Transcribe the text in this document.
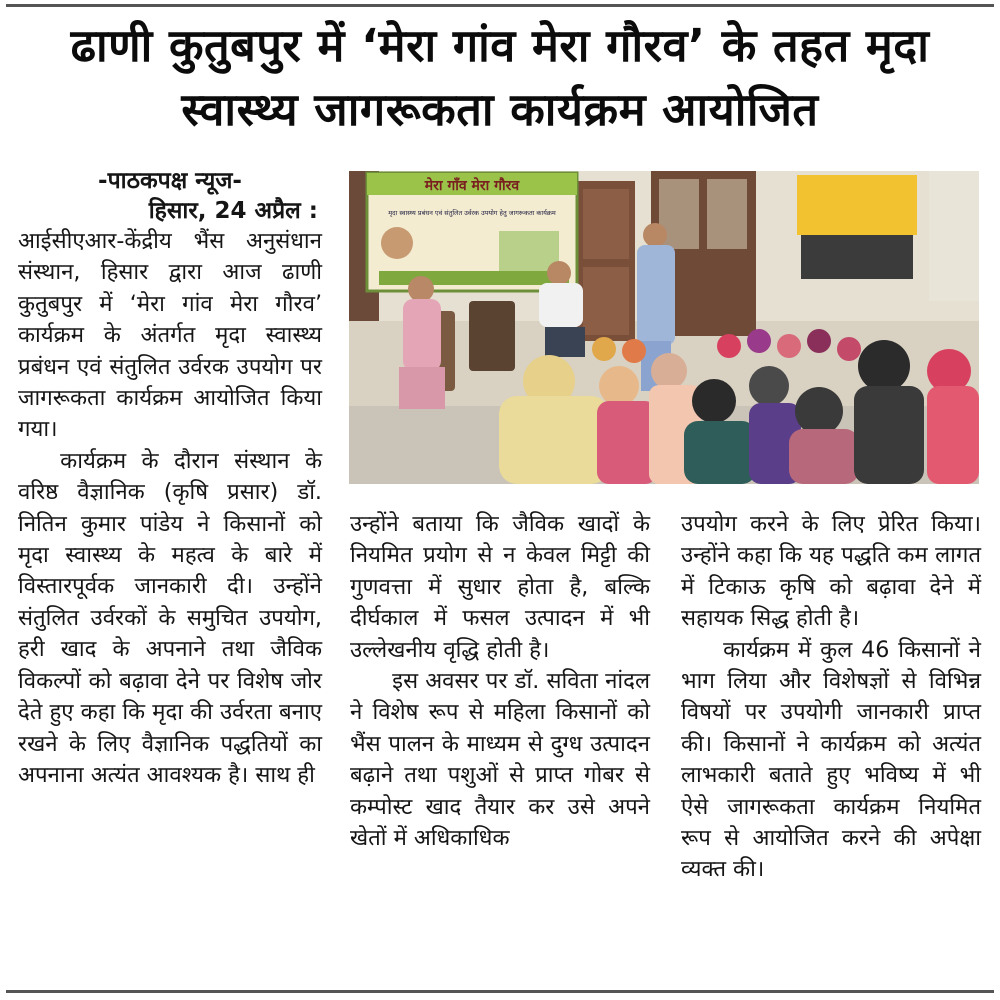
ढाणी कुतुबपुर में ‘मेरा गांव मेरा गौरव’ के तहत मृदा स्वास्थ्य जागरूकता कार्यक्रम आयोजित
-पाठकपक्ष न्यूज-
हिसार, 24 अप्रैल :

आईसीएआर-केंद्रीय भैंस अनुसंधान संस्थान, हिसार द्वारा आज ढाणी कुतुबपुर में ‘मेरा गांव मेरा गौरव’ कार्यक्रम के अंतर्गत मृदा स्वास्थ्य प्रबंधन एवं संतुलित उर्वरक उपयोग पर जागरूकता कार्यक्रम आयोजित किया गया।

कार्यक्रम के दौरान संस्थान के वरिष्ठ वैज्ञानिक (कृषि प्रसार) डॉ. नितिन कुमार पांडेय ने किसानों को मृदा स्वास्थ्य के महत्व के बारे में विस्तारपूर्वक जानकारी दी। उन्होंने संतुलित उर्वरकों के समुचित उपयोग, हरी खाद के अपनाने तथा जैविक विकल्पों को बढ़ावा देने पर विशेष जोर देते हुए कहा कि मृदा की उर्वरता बनाए रखने के लिए वैज्ञानिक पद्धतियों का अपनाना अत्यंत आवश्यक है। साथ ही

मेरा गाँव मेरा गौरव
मृदा स्वास्थ्य प्रबंधन एवं संतुलित उर्वरक उपयोग हेतु जागरूकता कार्यक्रम

उन्होंने बताया कि जैविक खादों के नियमित प्रयोग से न केवल मिट्टी की गुणवत्ता में सुधार होता है, बल्कि दीर्घकाल में फसल उत्पादन में भी उल्लेखनीय वृद्धि होती है।

इस अवसर पर डॉ. सविता नांदल ने विशेष रूप से महिला किसानों को भैंस पालन के माध्यम से दुग्ध उत्पादन बढ़ाने तथा पशुओं से प्राप्त गोबर से कम्पोस्ट खाद तैयार कर उसे अपने खेतों में अधिकाधिक

उपयोग करने के लिए प्रेरित किया। उन्होंने कहा कि यह पद्धति कम लागत में टिकाऊ कृषि को बढ़ावा देने में सहायक सिद्ध होती है।

कार्यक्रम में कुल 46 किसानों ने भाग लिया और विशेषज्ञों से विभिन्न विषयों पर उपयोगी जानकारी प्राप्त की। किसानों ने कार्यक्रम को अत्यंत लाभकारी बताते हुए भविष्य में भी ऐसे जागरूकता कार्यक्रम नियमित रूप से आयोजित करने की अपेक्षा व्यक्त की।
